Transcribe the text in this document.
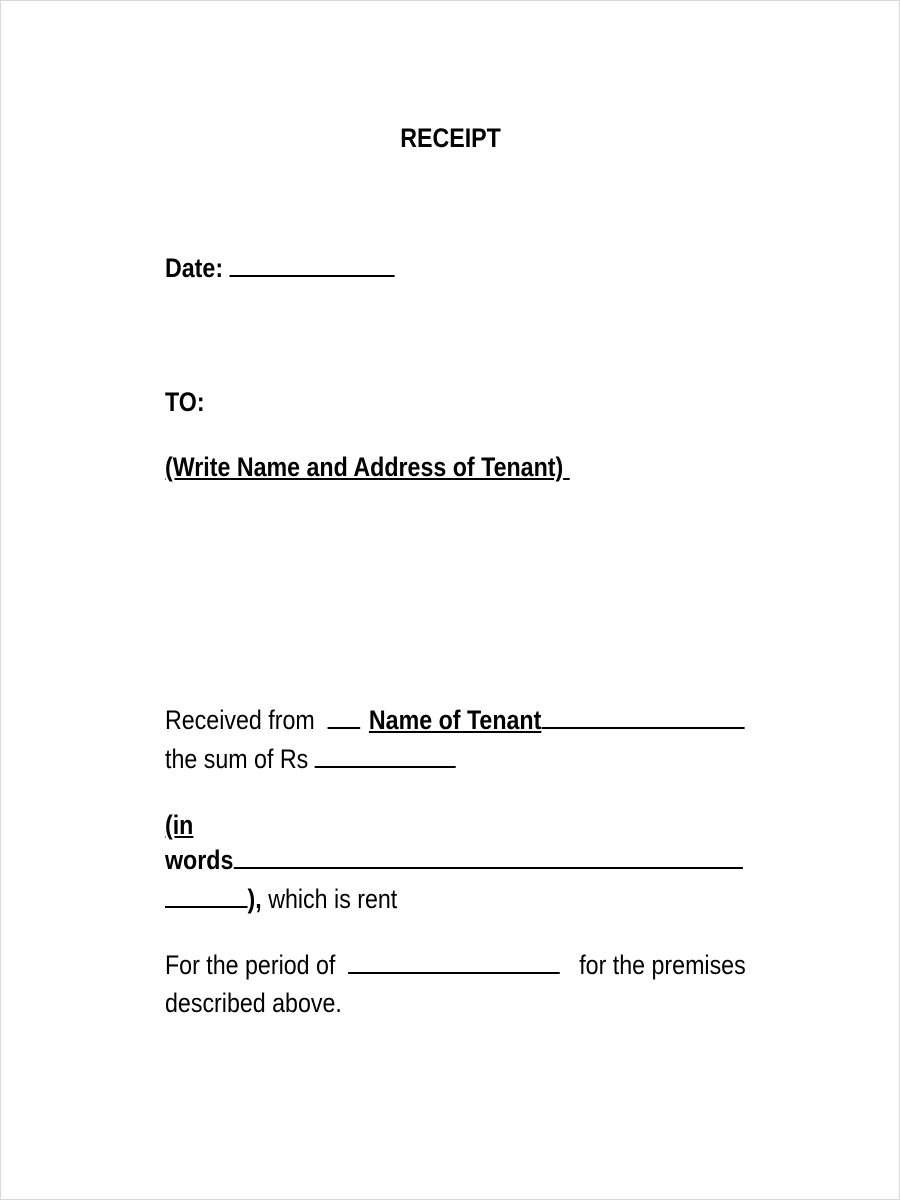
RECEIPT
Date:
TO:
(Write Name and Address of Tenant)
Received from Name of Tenant
the sum of Rs
(in
words
), which is rent
For the period of	for the premises
described above.
